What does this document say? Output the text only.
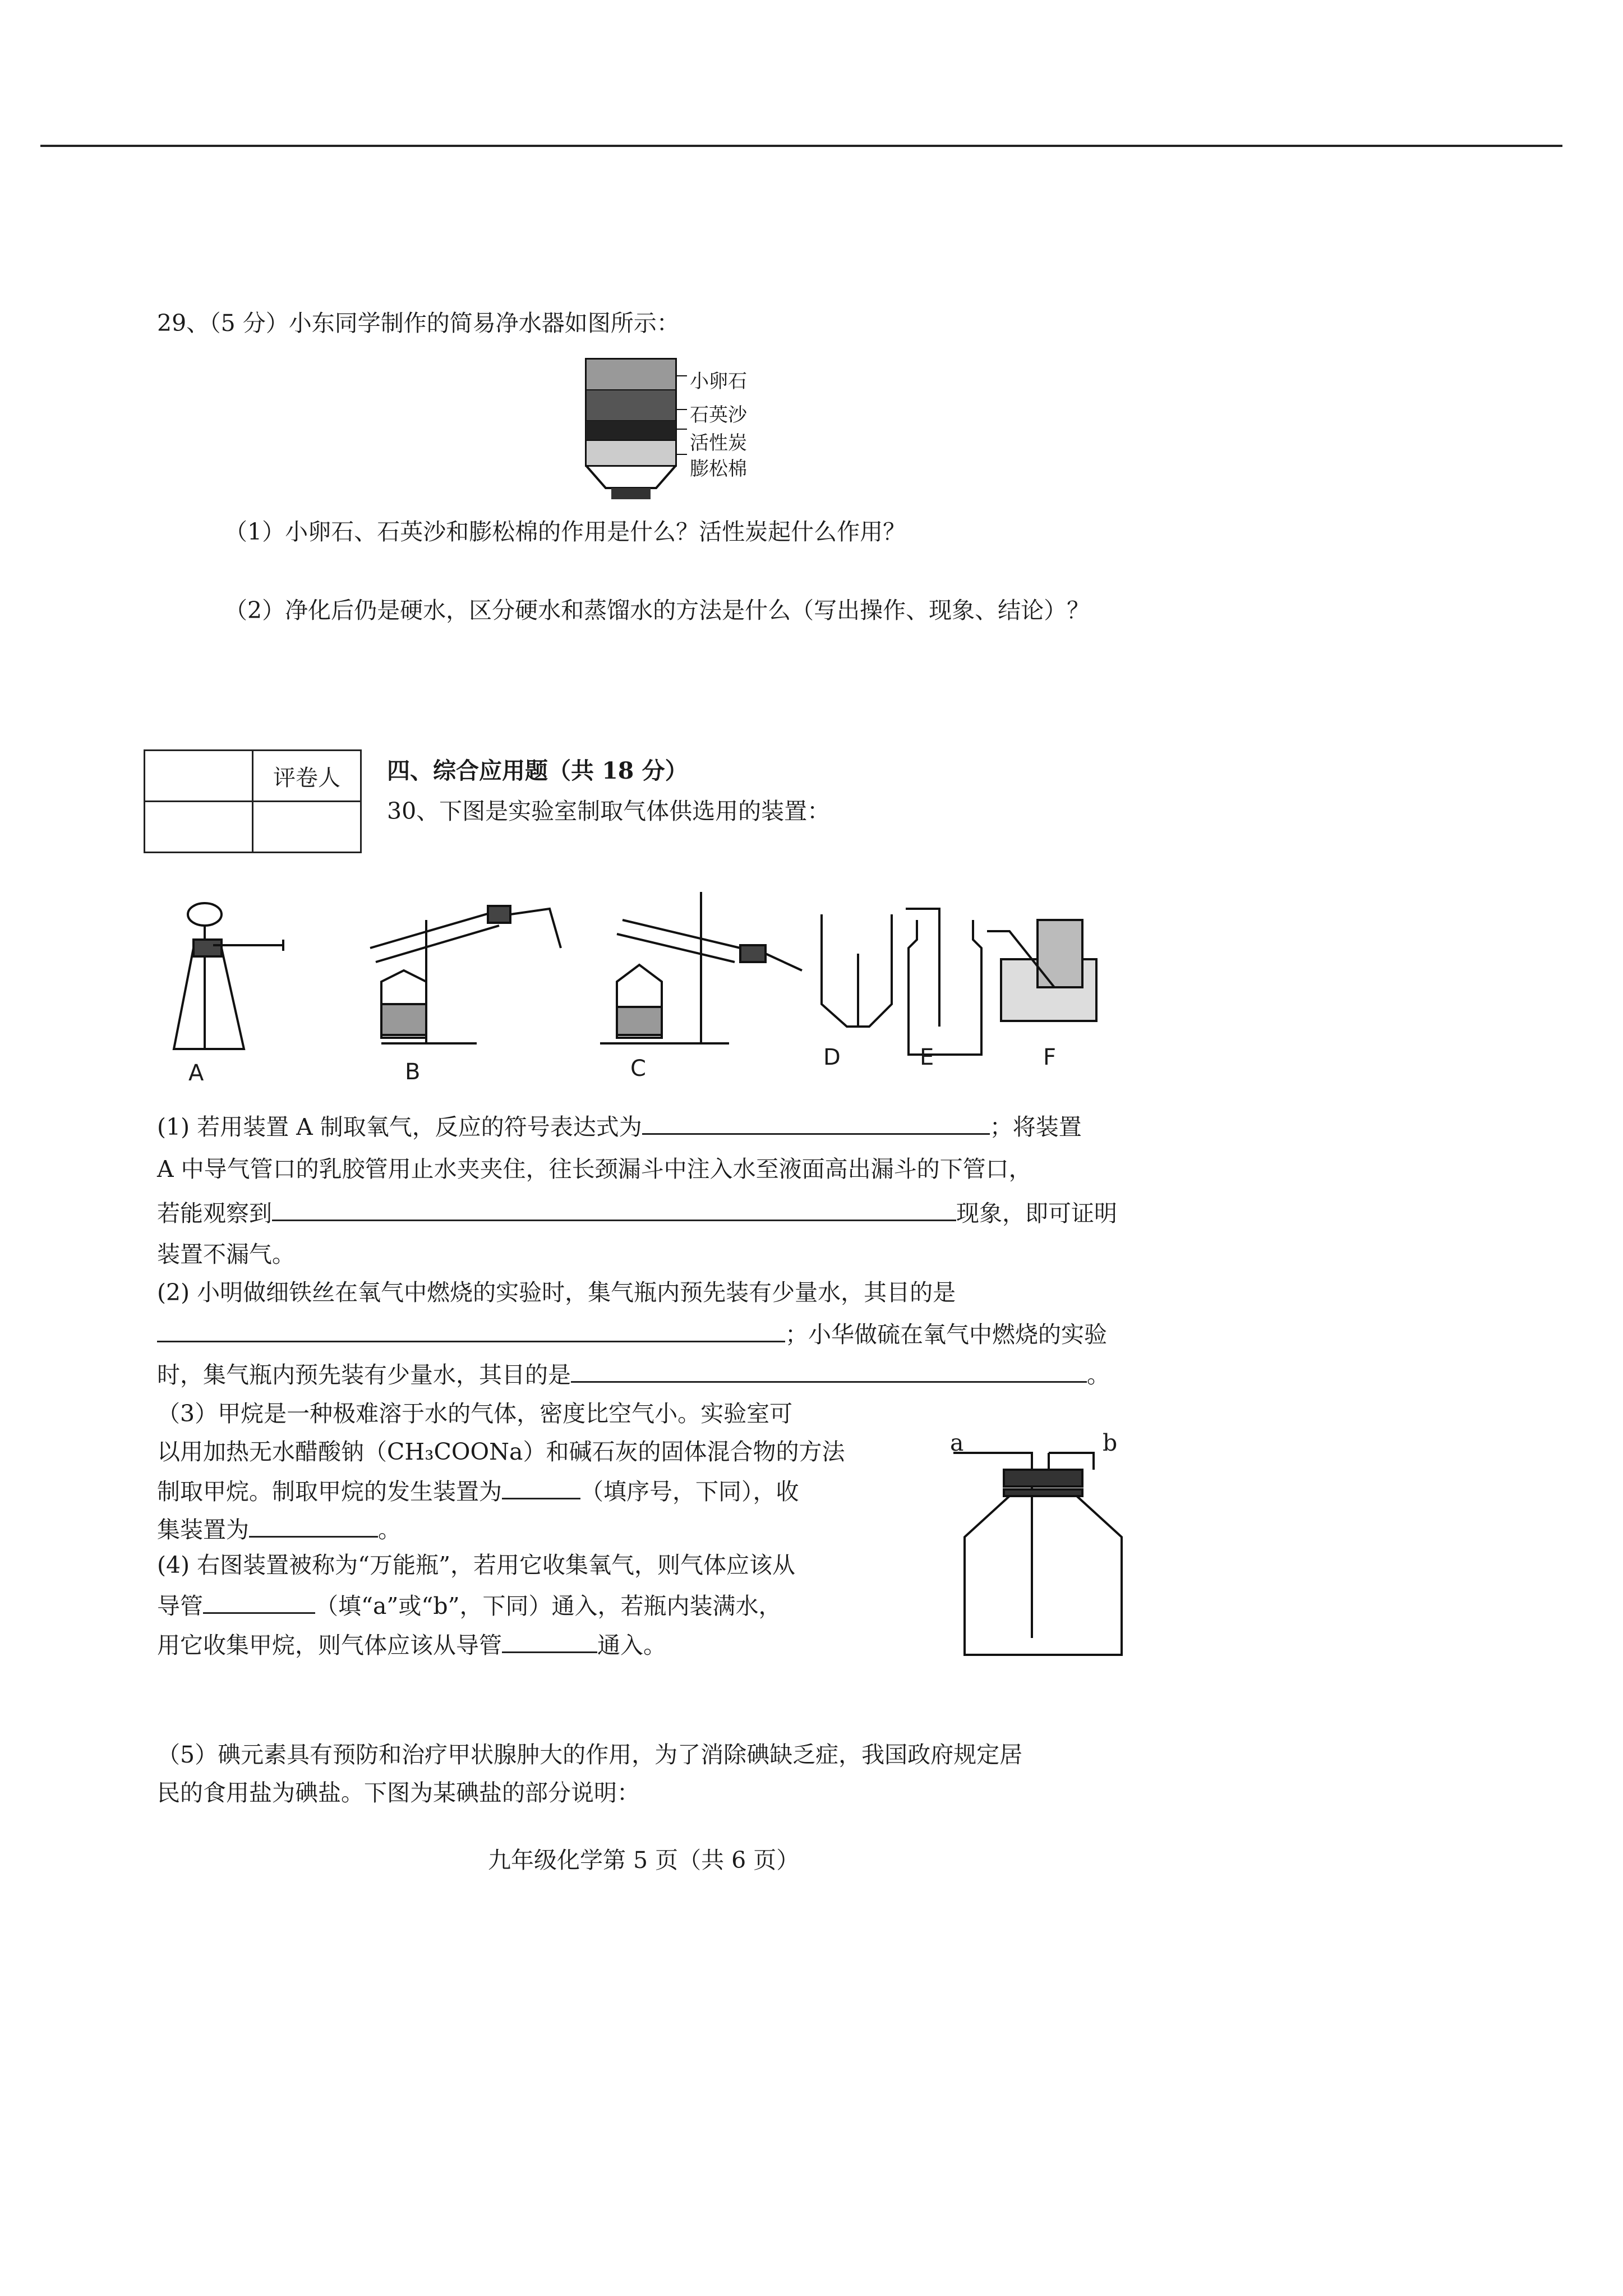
29、（5 分）小东同学制作的简易净水器如图所示：
小卵石
石英沙
活性炭
膨松棉
（1）小卵石、石英沙和膨松棉的作用是什么？活性炭起什么作用？
（2）净化后仍是硬水，区分硬水和蒸馏水的方法是什么（写出操作、现象、结论）？
	评卷人
	四、综合应用题（共 18 分）
30、下图是实验室制取气体供选用的装置：
A	B	C	D	E	F
(1) 若用装置 A 制取氧气，反应的符号表达式为	；将装置
A 中导气管口的乳胶管用止水夹夹住，往长颈漏斗中注入水至液面高出漏斗的下管口，
若能观察到	现象，即可证明
装置不漏气。
(2) 小明做细铁丝在氧气中燃烧的实验时，集气瓶内预先装有少量水，其目的是
；小华做硫在氧气中燃烧的实验
时，集气瓶内预先装有少量水，其目的是	。
（3）甲烷是一种极难溶于水的气体，密度比空气小。实验室可
以用加热无水醋酸钠（CH₃COONa）和碱石灰的固体混合物的方法
制取甲烷。制取甲烷的发生装置为	（填序号，下同），收
集装置为	。
(4) 右图装置被称为“万能瓶”，若用它收集氧气，则气体应该从
导管	（填“a”或“b”，下同）通入，若瓶内装满水，
用它收集甲烷，则气体应该从导管	通入。
a	b
（5）碘元素具有预防和治疗甲状腺肿大的作用，为了消除碘缺乏症，我国政府规定居
民的食用盐为碘盐。下图为某碘盐的部分说明：
九年级化学第 5 页（共 6 页）
